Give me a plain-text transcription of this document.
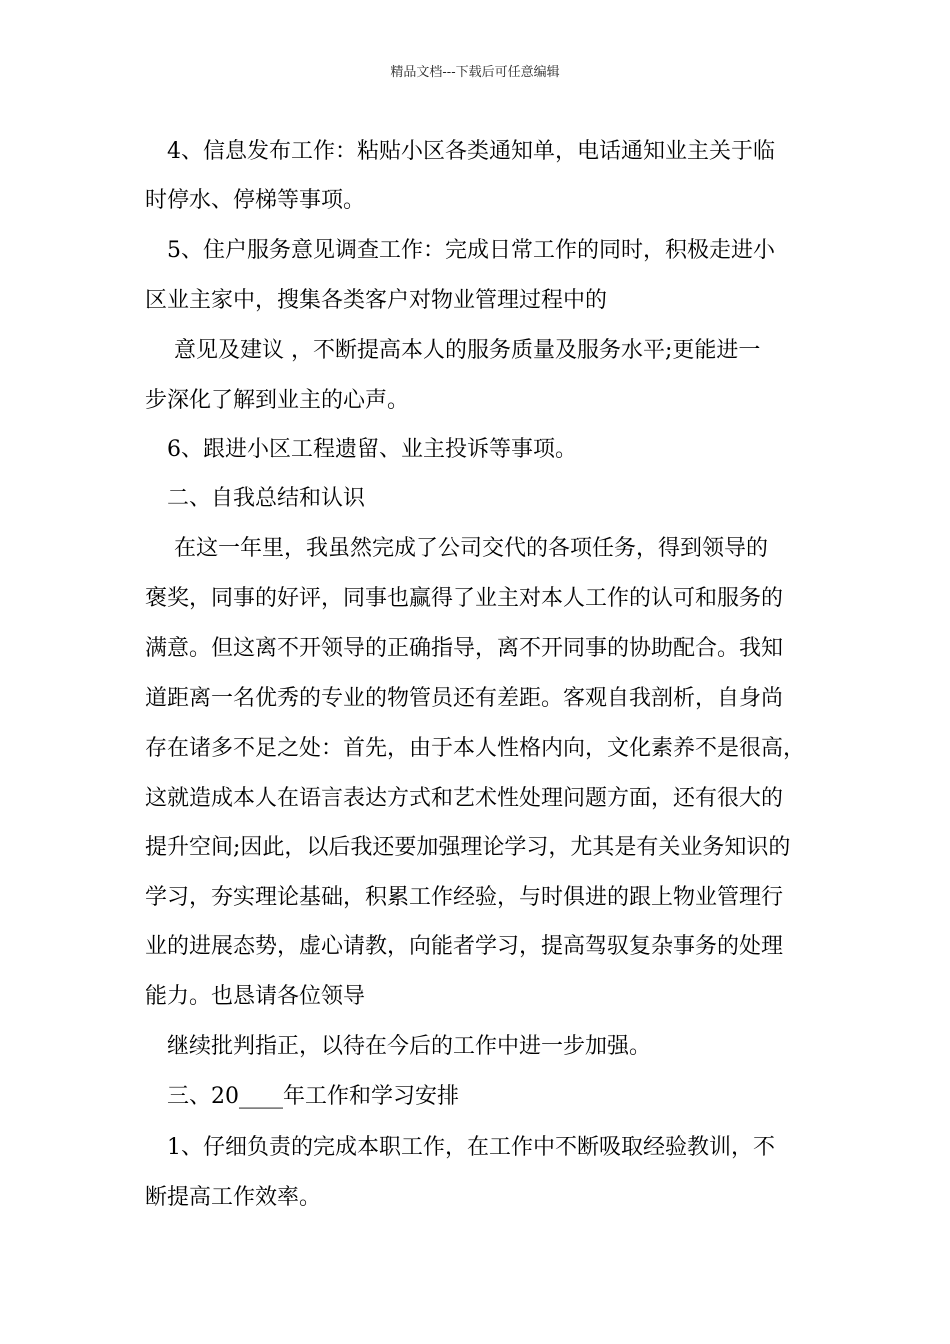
精品文档---下载后可任意编辑
　4、信息发布工作：粘贴小区各类通知单，电话通知业主关于临
时停水、停梯等事项。
　5、住户服务意见调查工作：完成日常工作的同时，积极走进小
区业主家中，搜集各类客户对物业管理过程中的
　 意见及建议 ，不断提高本人的服务质量及服务水平;更能进一
步深化了解到业主的心声。
　6、跟进小区工程遗留、业主投诉等事项。
　二、自我总结和认识
　 在这一年里，我虽然完成了公司交代的各项任务，得到领导的
褒奖，同事的好评，同事也赢得了业主对本人工作的认可和服务的
满意。但这离不开领导的正确指导，离不开同事的协助配合。我知
道距离一名优秀的专业的物管员还有差距。客观自我剖析，自身尚
存在诸多不足之处：首先，由于本人性格内向，文化素养不是很高，
这就造成本人在语言表达方式和艺术性处理问题方面，还有很大的
提升空间;因此，以后我还要加强理论学习，尤其是有关业务知识的
学习，夯实理论基础，积累工作经验，与时俱进的跟上物业管理行
业的进展态势，虚心请教，向能者学习，提高驾驭复杂事务的处理
能力。也恳请各位领导
　继续批判指正，以待在今后的工作中进一步加强。
　三、20____年工作和学习安排
　1、仔细负责的完成本职工作，在工作中不断吸取经验教训，不
断提高工作效率。
